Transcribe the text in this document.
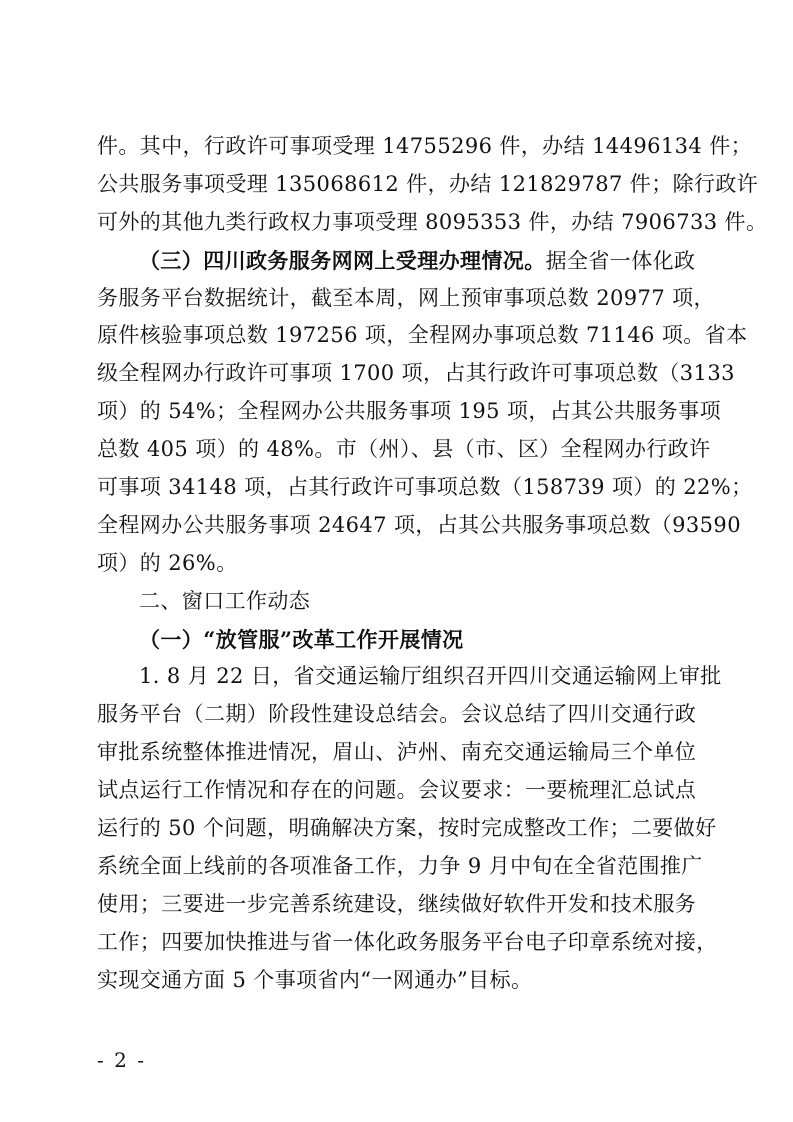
件。其中，行政许可事项受理 14755296 件，办结 14496134 件；
公共服务事项受理 135068612 件，办结 121829787 件；除行政许
可外的其他九类行政权力事项受理 8095353 件，办结 7906733 件。
（三）四川政务服务网网上受理办理情况。据全省一体化政
务服务平台数据统计，截至本周，网上预审事项总数 20977 项，
原件核验事项总数 197256 项，全程网办事项总数 71146 项。省本
级全程网办行政许可事项 1700 项，占其行政许可事项总数（3133
项）的 54%；全程网办公共服务事项 195 项，占其公共服务事项
总数 405 项）的 48%。市（州）、县（市、区）全程网办行政许
可事项 34148 项，占其行政许可事项总数（158739 项）的 22%；
全程网办公共服务事项 24647 项，占其公共服务事项总数（93590
项）的 26%。
二、窗口工作动态
（一）“放管服”改革工作开展情况
1. 8 月 22 日，省交通运输厅组织召开四川交通运输网上审批
服务平台（二期）阶段性建设总结会。会议总结了四川交通行政
审批系统整体推进情况，眉山、泸州、南充交通运输局三个单位
试点运行工作情况和存在的问题。会议要求：一要梳理汇总试点
运行的 50 个问题，明确解决方案，按时完成整改工作；二要做好
系统全面上线前的各项准备工作，力争 9 月中旬在全省范围推广
使用；三要进一步完善系统建设，继续做好软件开发和技术服务
工作；四要加快推进与省一体化政务服务平台电子印章系统对接，
实现交通方面 5 个事项省内“一网通办”目标。
- 2 -
